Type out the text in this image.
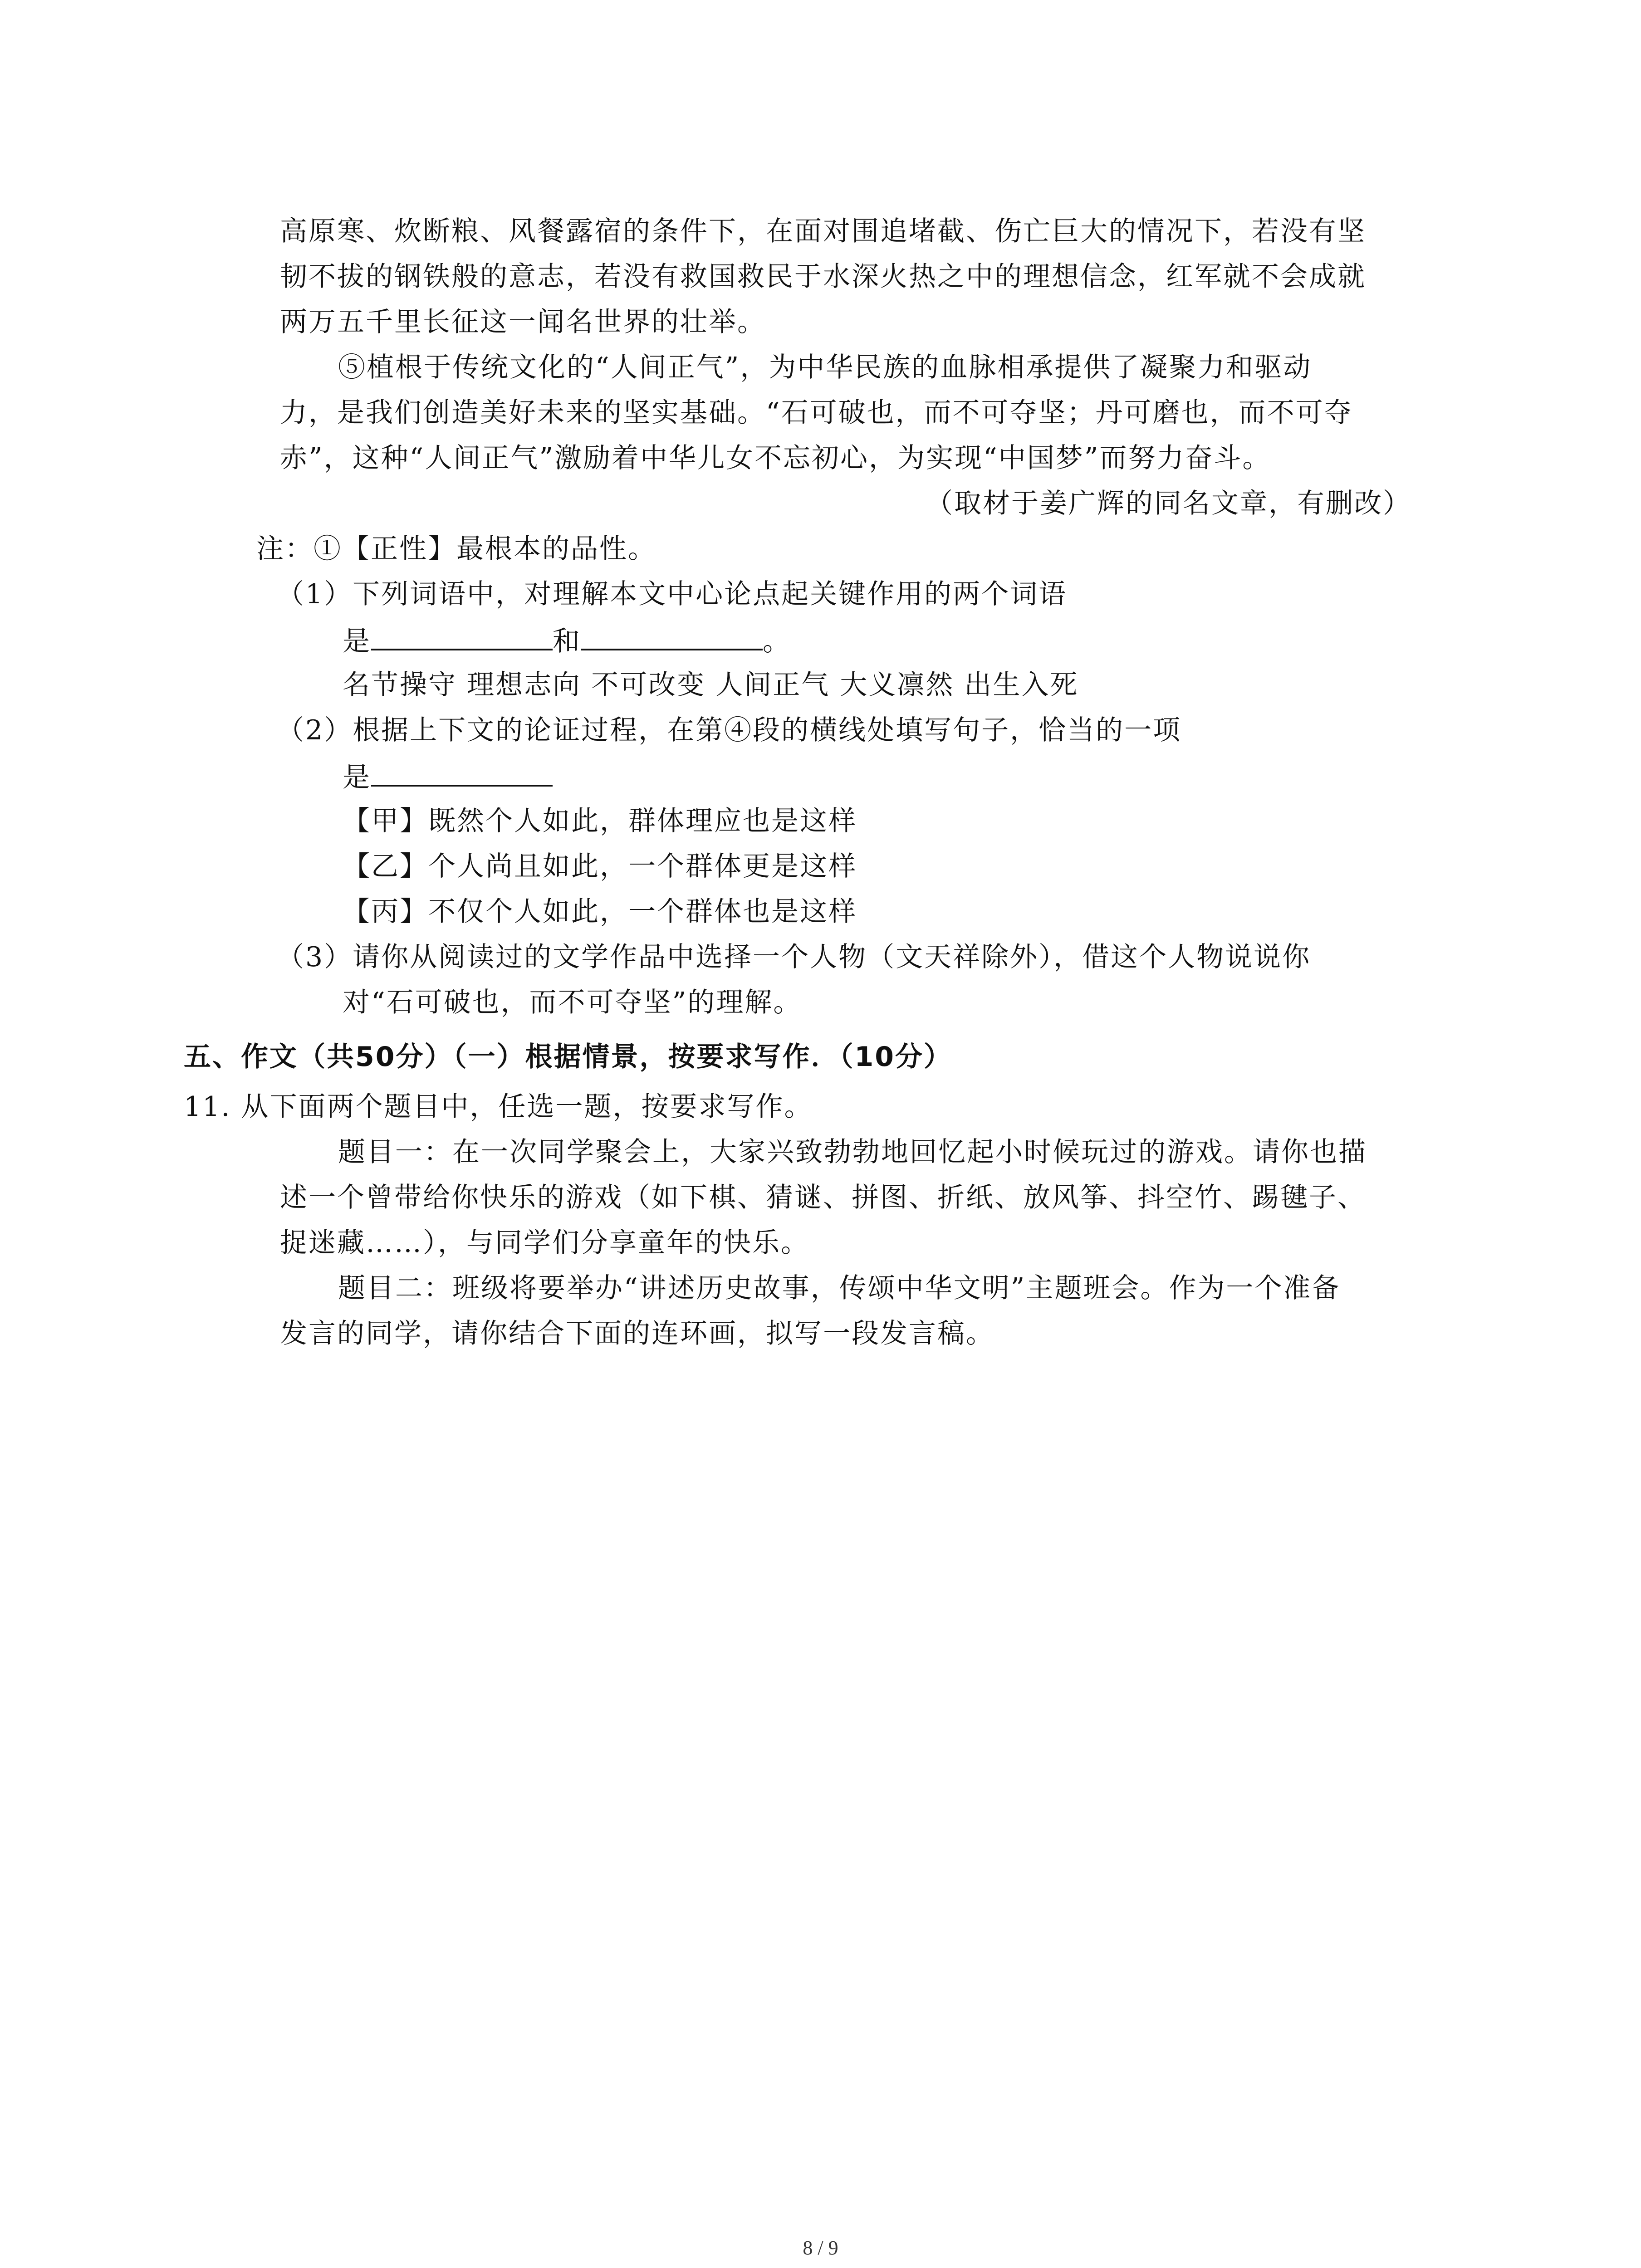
高原寒、炊断粮、风餐露宿的条件下，在面对围追堵截、伤亡巨大的情况下，若没有坚
韧不拔的钢铁般的意志，若没有救国救民于水深火热之中的理想信念，红军就不会成就
两万五千里长征这一闻名世界的壮举。
⑤植根于传统文化的“人间正气”，为中华民族的血脉相承提供了凝聚力和驱动
力，是我们创造美好未来的坚实基础。“石可破也，而不可夺坚；丹可磨也，而不可夺
赤”，这种“人间正气”激励着中华儿女不忘初心，为实现“中国梦”而努力奋斗。
（取材于姜广辉的同名文章，有删改）
注：①【正性】最根本的品性。
（1）下列词语中，对理解本文中心论点起关键作用的两个词语
是	和	。
名节操守 理想志向 不可改变 人间正气 大义凛然 出生入死
（2）根据上下文的论证过程，在第④段的横线处填写句子，恰当的一项
是
【甲】既然个人如此，群体理应也是这样
【乙】个人尚且如此，一个群体更是这样
【丙】不仅个人如此，一个群体也是这样
（3）请你从阅读过的文学作品中选择一个人物（文天祥除外），借这个人物说说你
对“石可破也，而不可夺坚”的理解。
五、作文（共50分）（一）根据情景，按要求写作．（10分）
11. 从下面两个题目中，任选一题，按要求写作。
题目一：在一次同学聚会上，大家兴致勃勃地回忆起小时候玩过的游戏。请你也描
述一个曾带给你快乐的游戏（如下棋、猜谜、拼图、折纸、放风筝、抖空竹、踢毽子、
捉迷藏……），与同学们分享童年的快乐。
题目二：班级将要举办“讲述历史故事，传颂中华文明”主题班会。作为一个准备
发言的同学，请你结合下面的连环画，拟写一段发言稿。
8 / 9
